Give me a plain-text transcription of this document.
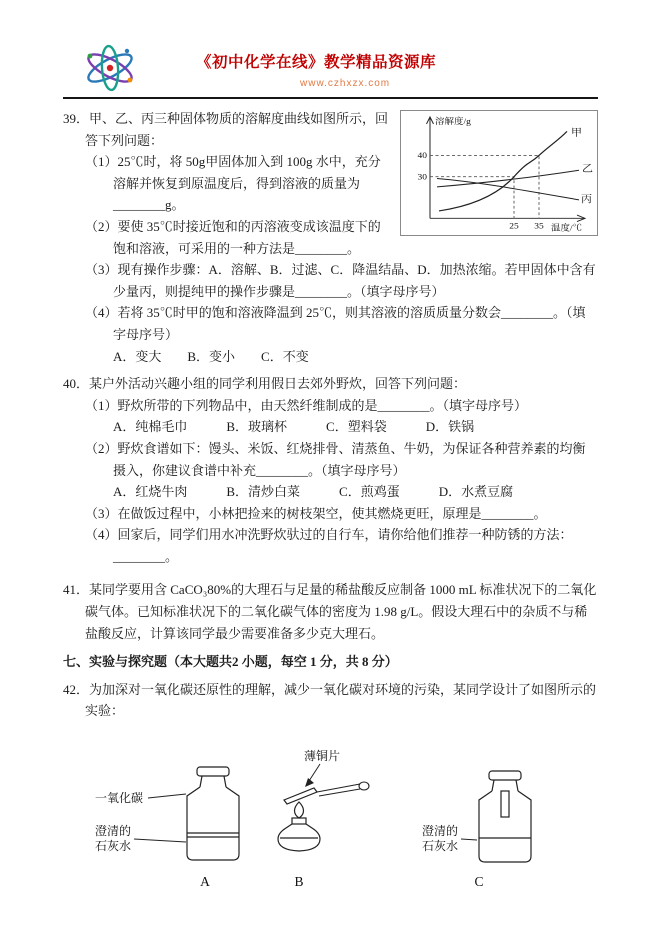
《初中化学在线》教学精品资源库
www.czhxzx.com
溶解度/g
温度/℃
40
30
25 35
甲
乙
丙

39．甲、乙、丙三种固体物质的溶解度曲线如图所示，回答下列问题：

（1）25℃时，将 50g甲固体加入到 100g 水中，充分溶解并恢复到原温度后，得到溶液的质量为________g。

（2）要使 35℃时接近饱和的丙溶液变成该温度下的饱和溶液，可采用的一种方法是________。

（3）现有操作步骤：A．溶解、B．过滤、C．降温结晶、D．加热浓缩。若甲固体中含有少量丙，则提纯甲的操作步骤是________。（填字母序号）

（4）若将 35℃时甲的饱和溶液降温到 25℃，则其溶液的溶质质量分数会________。（填字母序号）

A．变大　　B．变小　　C．不变

40．某户外活动兴趣小组的同学利用假日去郊外野炊，回答下列问题：

（1）野炊所带的下列物品中，由天然纤维制成的是________。（填字母序号）

A．纯棉毛巾　　　B．玻璃杯　　　C．塑料袋　　　D．铁锅

（2）野炊食谱如下：馒头、米饭、红烧排骨、清蒸鱼、牛奶，为保证各种营养素的均衡摄入，你建议食谱中补充________。（填字母序号）

A．红烧牛肉　　　B．清炒白菜　　　C．煎鸡蛋　　　D．水煮豆腐

（3）在做饭过程中，小林把捡来的树枝架空，使其燃烧更旺，原理是________。

（4）回家后，同学们用水冲洗野炊驮过的自行车，请你给他们推荐一种防锈的方法：________。

41．某同学要用含 CaCO₃80%的大理石与足量的稀盐酸反应制备 1000 mL 标准状况下的二氧化碳气体。已知标准状况下的二氧化碳气体的密度为 1.98 g/L。假设大理石中的杂质不与稀盐酸反应，计算该同学最少需要准备多少克大理石。

七、实验与探究题（本大题共2 小题，每空 1 分，共 8 分）

42．为加深对一氧化碳还原性的理解，减少一氧化碳对环境的污染，某同学设计了如图所示的实验：

一氧化碳
澄清的
石灰水
薄铜片
澄清的
石灰水
A	B	C
